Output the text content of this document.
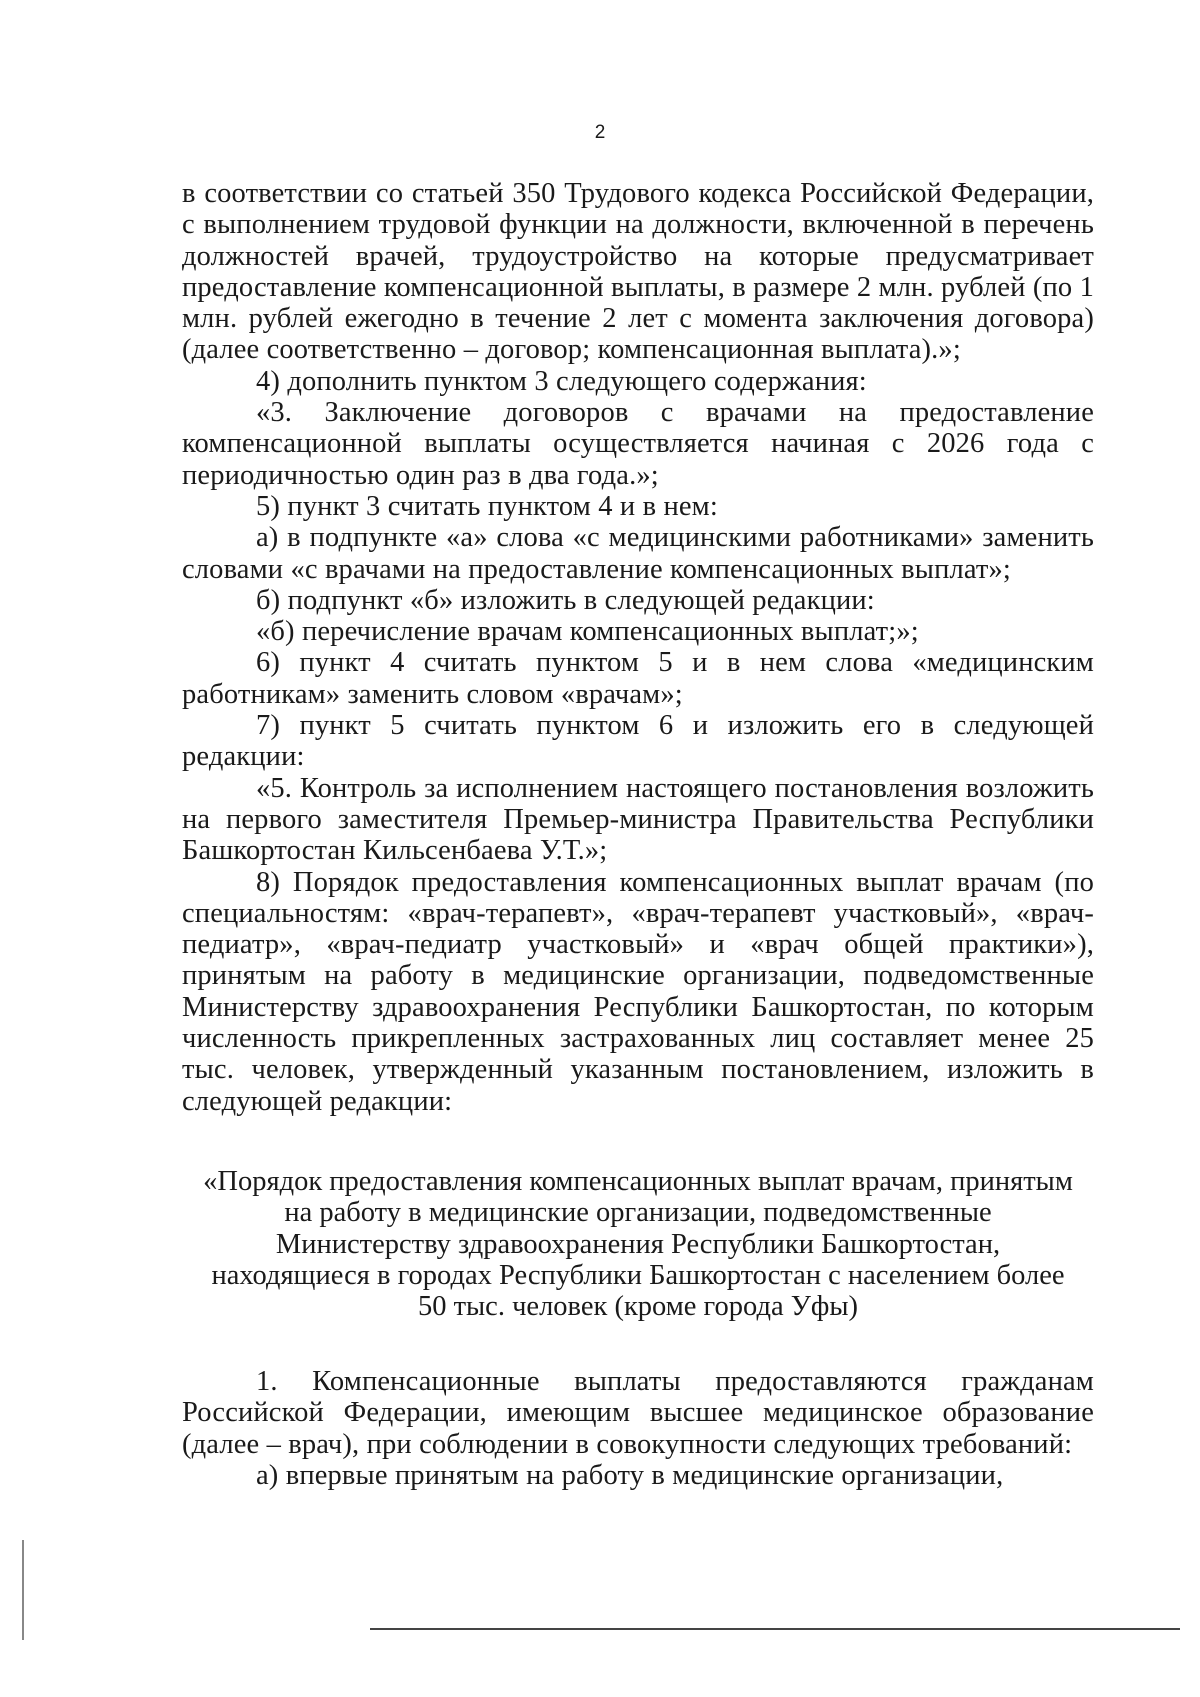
2

в соответствии со статьей 350 Трудового кодекса Российской Федерации, с выполнением трудовой функции на должности, включенной в перечень должностей врачей, трудоустройство на которые предусматривает предоставление компенсационной выплаты, в размере 2 млн. рублей (по 1 млн. рублей ежегодно в течение 2 лет с момента заключения договора) (далее соответственно – договор; компенсационная выплата).»;

4) дополнить пунктом 3 следующего содержания:

«3. Заключение договоров с врачами на предоставление компенсационной выплаты осуществляется начиная с 2026 года с периодичностью один раз в два года.»;

5) пункт 3 считать пунктом 4 и в нем:

а) в подпункте «а» слова «с медицинскими работниками» заменить словами «с врачами на предоставление компенсационных выплат»;

б) подпункт «б» изложить в следующей редакции:

«б) перечисление врачам компенсационных выплат;»;

6) пункт 4 считать пунктом 5 и в нем слова «медицинским работникам» заменить словом «врачам»;

7) пункт 5 считать пунктом 6 и изложить его в следующей редакции:

«5. Контроль за исполнением настоящего постановления возложить на первого заместителя Премьер-министра Правительства Республики Башкортостан Кильсенбаева У.Т.»;

8) Порядок предоставления компенсационных выплат врачам (по специальностям: «врач-терапевт», «врач-терапевт участковый», «врач-педиатр», «врач-педиатр участковый» и «врач общей практики»), принятым на работу в медицинские организации, подведомственные Министерству здравоохранения Республики Башкортостан, по которым численность прикрепленных застрахованных лиц составляет менее 25 тыс. человек, утвержденный указанным постановлением, изложить в следующей редакции:

«Порядок предоставления компенсационных выплат врачам, принятым

на работу в медицинские организации, подведомственные

Министерству здравоохранения Республики Башкортостан,

находящиеся в городах Республики Башкортостан с населением более

50 тыс. человек (кроме города Уфы)

1. Компенсационные выплаты предоставляются гражданам Российской Федерации, имеющим высшее медицинское образование (далее – врач), при соблюдении в совокупности следующих требований:

а) впервые принятым на работу в медицинские организации,
